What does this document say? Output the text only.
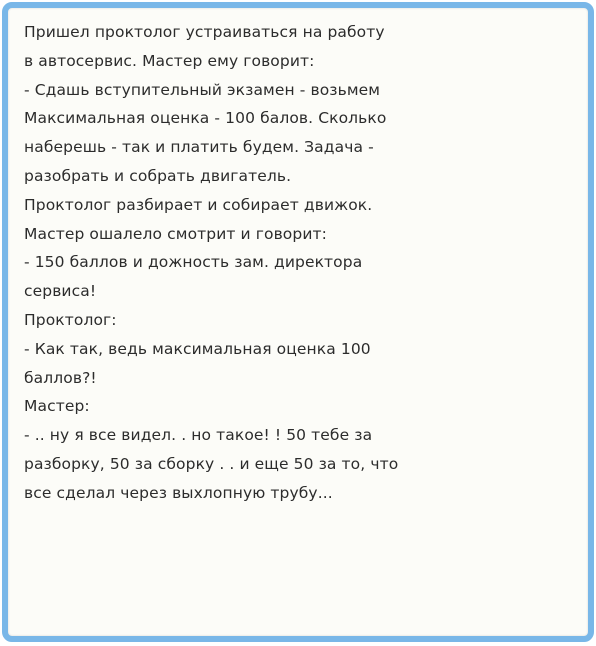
Пришел проктолог устраиваться на работу
в автосервис. Мастер ему говорит:
- Сдашь вступительный экзамен - возьмем
Максимальная оценка - 100 балов. Сколько
наберешь - так и платить будем. Задача -
разобрать и собрать двигатель.
Проктолог разбирает и собирает движок.
Мастер ошалело смотрит и говорит:
- 150 баллов и дожность зам. директора
сервиса!
Проктолог:
- Как так, ведь максимальная оценка 100
баллов?!
Мастер:
- .. ну я все видел. . но такое! ! 50 тебе за
разборку, 50 за сборку . . и еще 50 за то, что
все сделал через выхлопную трубу...
